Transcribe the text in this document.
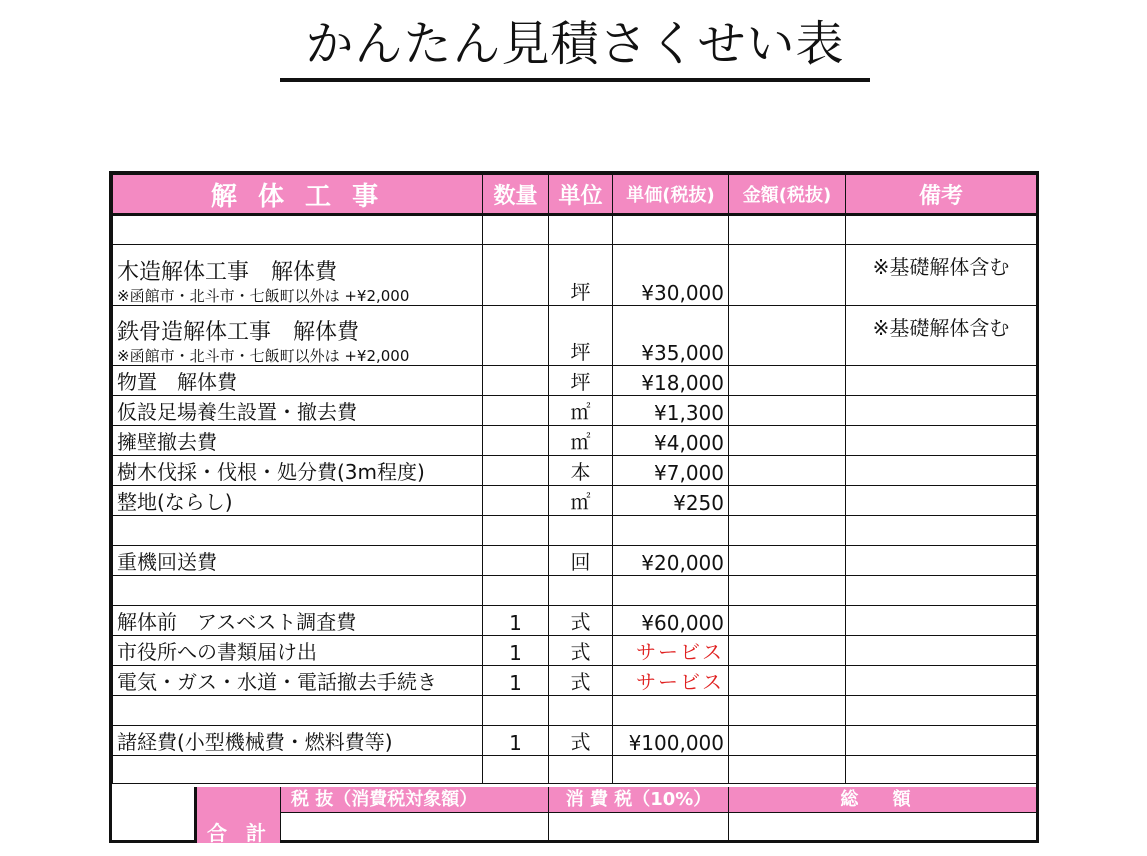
かんたん見積さくせい表
解 体 工 事	数量	単位	単価(税抜)	金額(税抜)	備考

木造解体工事　解体費
※函館市・北斗市・七飯町以外は +¥2,000		坪	¥30,000		※基礎解体含む

鉄骨造解体工事　解体費
※函館市・北斗市・七飯町以外は +¥2,000		坪	¥35,000		※基礎解体含む
物置　解体費		坪	¥18,000		
仮設足場養生設置・撤去費		㎡	¥1,300		
擁壁撤去費		㎡	¥4,000		
樹木伐採・伐根・処分費(3m程度)		本	¥7,000		
整地(ならし)		㎡	¥250		

重機回送費		回	¥20,000		

解体前　アスベスト調査費	1	式	¥60,000		
市役所への書類届け出	1	式	サービス		
電気・ガス・水道・電話撤去手続き	1	式	サービス		

諸経費(小型機械費・燃料費等)	1	式	¥100,000		

合 計
税 抜（消費税対象額）	消 費 税（10%）	総 額
